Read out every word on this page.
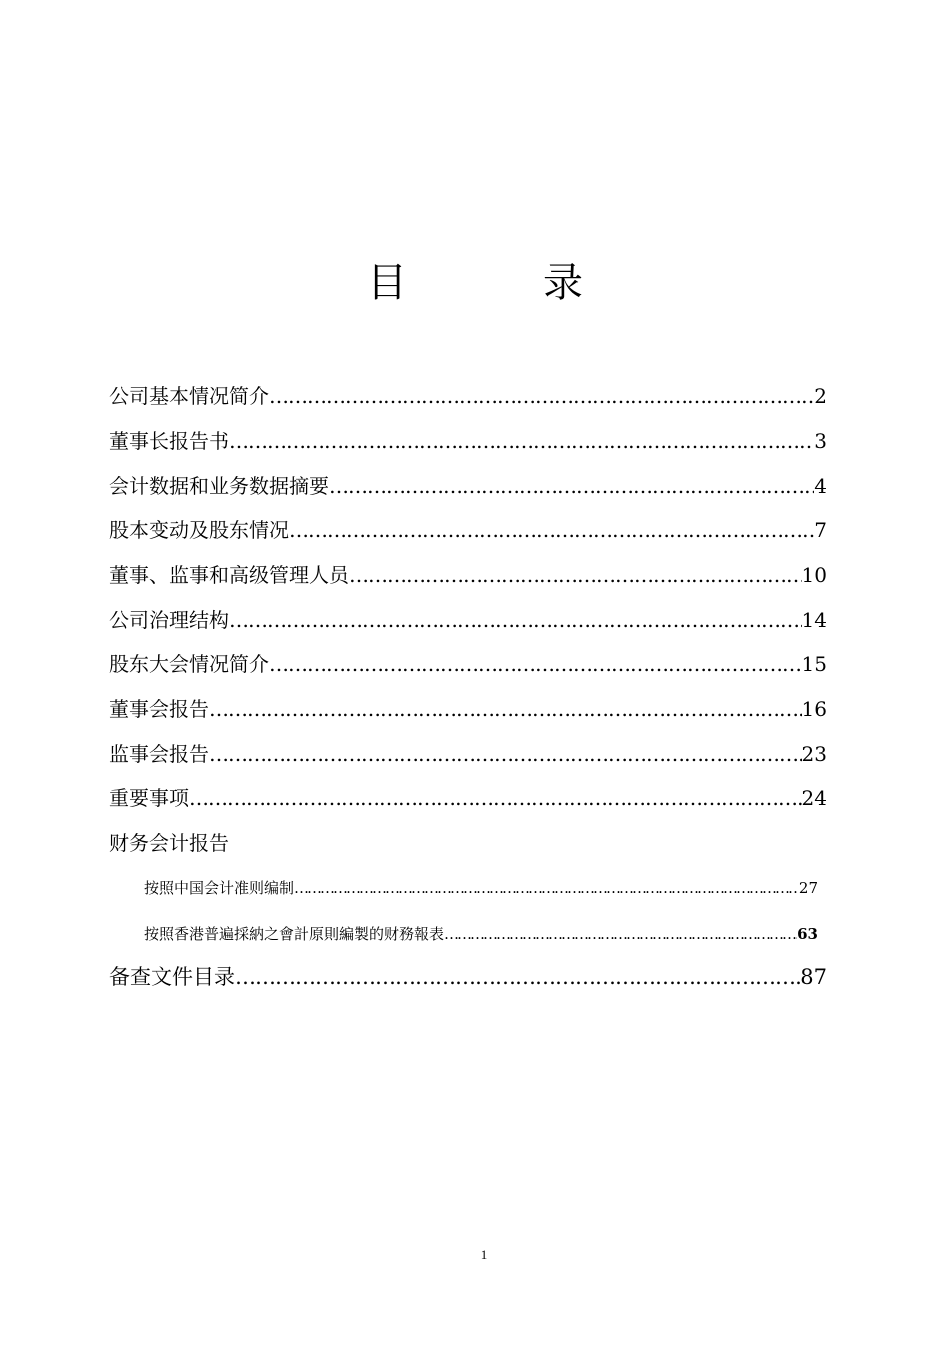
目　录
公司基本情况简介 …………………………………………………………………………………………………………………………………………………………………………………………………………………………	2
董事长报告书 …………………………………………………………………………………………………………………………………………………………………………………………………………………………	3
会计数据和业务数据摘要 …………………………………………………………………………………………………………………………………………………………………………………………………………………………	4
股本变动及股东情况 …………………………………………………………………………………………………………………………………………………………………………………………………………………………	7
董事、监事和高级管理人员 …………………………………………………………………………………………………………………………………………………………………………………………………………………………	10
公司治理结构 …………………………………………………………………………………………………………………………………………………………………………………………………………………………	14
股东大会情况简介 …………………………………………………………………………………………………………………………………………………………………………………………………………………………	15
董事会报告 …………………………………………………………………………………………………………………………………………………………………………………………………………………………	16
监事会报告 …………………………………………………………………………………………………………………………………………………………………………………………………………………………	23
重要事项 …………………………………………………………………………………………………………………………………………………………………………………………………………………………	24
财务会计报告
按照中国会计准则编制 …………………………………………………………………………………………………………………………………………………………………………………………………………………………	27
按照香港普遍採納之會計原則編製的财務報表 …………………………………………………………………………………………………………………………………………………………………………………………………………………………	63
备查文件目录 …………………………………………………………………………………………………………………………………………………………………………………………………………………………	87
1
